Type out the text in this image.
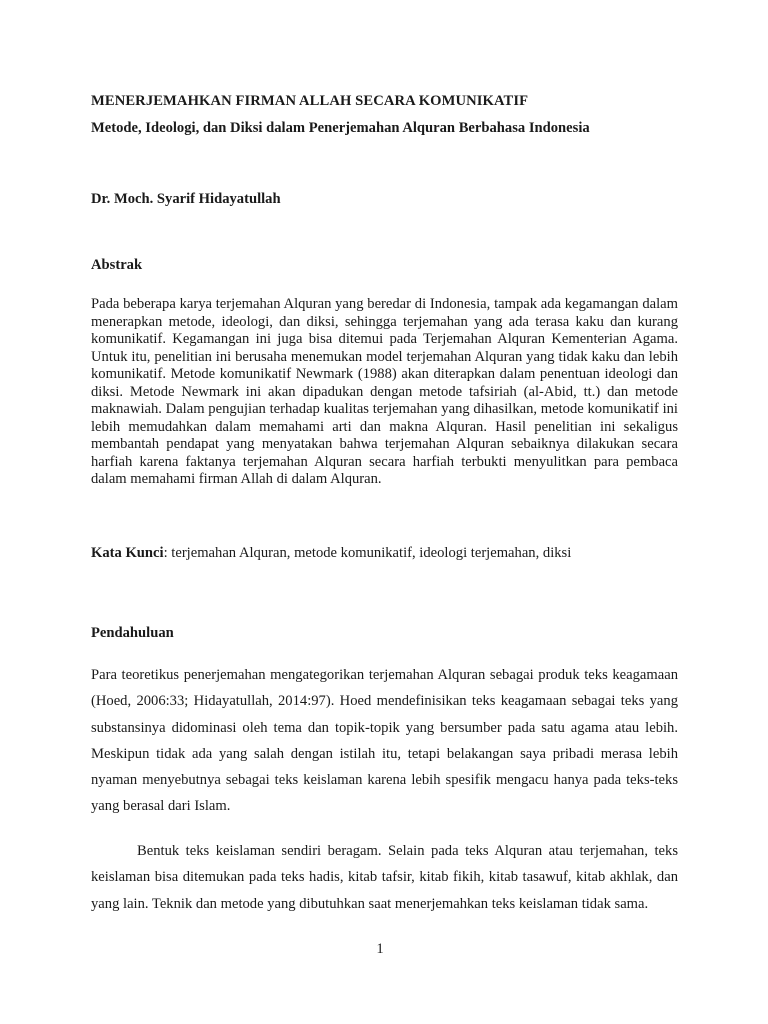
MENERJEMAHKAN FIRMAN ALLAH SECARA KOMUNIKATIF

Metode, Ideologi, dan Diksi dalam Penerjemahan Alquran Berbahasa Indonesia

Dr. Moch. Syarif Hidayatullah

Abstrak

Pada beberapa karya terjemahan Alquran yang beredar di Indonesia, tampak ada kegamangan dalam menerapkan metode, ideologi, dan diksi, sehingga terjemahan yang ada terasa kaku dan kurang komunikatif. Kegamangan ini juga bisa ditemui pada Terjemahan Alquran Kementerian Agama. Untuk itu, penelitian ini berusaha menemukan model terjemahan Alquran yang tidak kaku dan lebih komunikatif. Metode komunikatif Newmark (1988) akan diterapkan dalam penentuan ideologi dan diksi. Metode Newmark ini akan dipadukan dengan metode tafsiriah (al-Abid, tt.) dan metode maknawiah. Dalam pengujian terhadap kualitas terjemahan yang dihasilkan, metode komunikatif ini lebih memudahkan dalam memahami arti dan makna Alquran. Hasil penelitian ini sekaligus membantah pendapat yang menyatakan bahwa terjemahan Alquran sebaiknya dilakukan secara harfiah karena faktanya terjemahan Alquran secara harfiah terbukti menyulitkan para pembaca dalam memahami firman Allah di dalam Alquran.

Kata Kunci: terjemahan Alquran, metode komunikatif, ideologi terjemahan, diksi

Pendahuluan

Para teoretikus penerjemahan mengategorikan terjemahan Alquran sebagai produk teks keagamaan (Hoed, 2006:33; Hidayatullah, 2014:97). Hoed mendefinisikan teks keagamaan sebagai teks yang substansinya didominasi oleh tema dan topik-topik yang bersumber pada satu agama atau lebih. Meskipun tidak ada yang salah dengan istilah itu, tetapi belakangan saya pribadi merasa lebih nyaman menyebutnya sebagai teks keislaman karena lebih spesifik mengacu hanya pada teks-teks yang berasal dari Islam.

Bentuk teks keislaman sendiri beragam. Selain pada teks Alquran atau terjemahan, teks keislaman bisa ditemukan pada teks hadis, kitab tafsir, kitab fikih, kitab tasawuf, kitab akhlak, dan yang lain. Teknik dan metode yang dibutuhkan saat menerjemahkan teks keislaman tidak sama.

1
